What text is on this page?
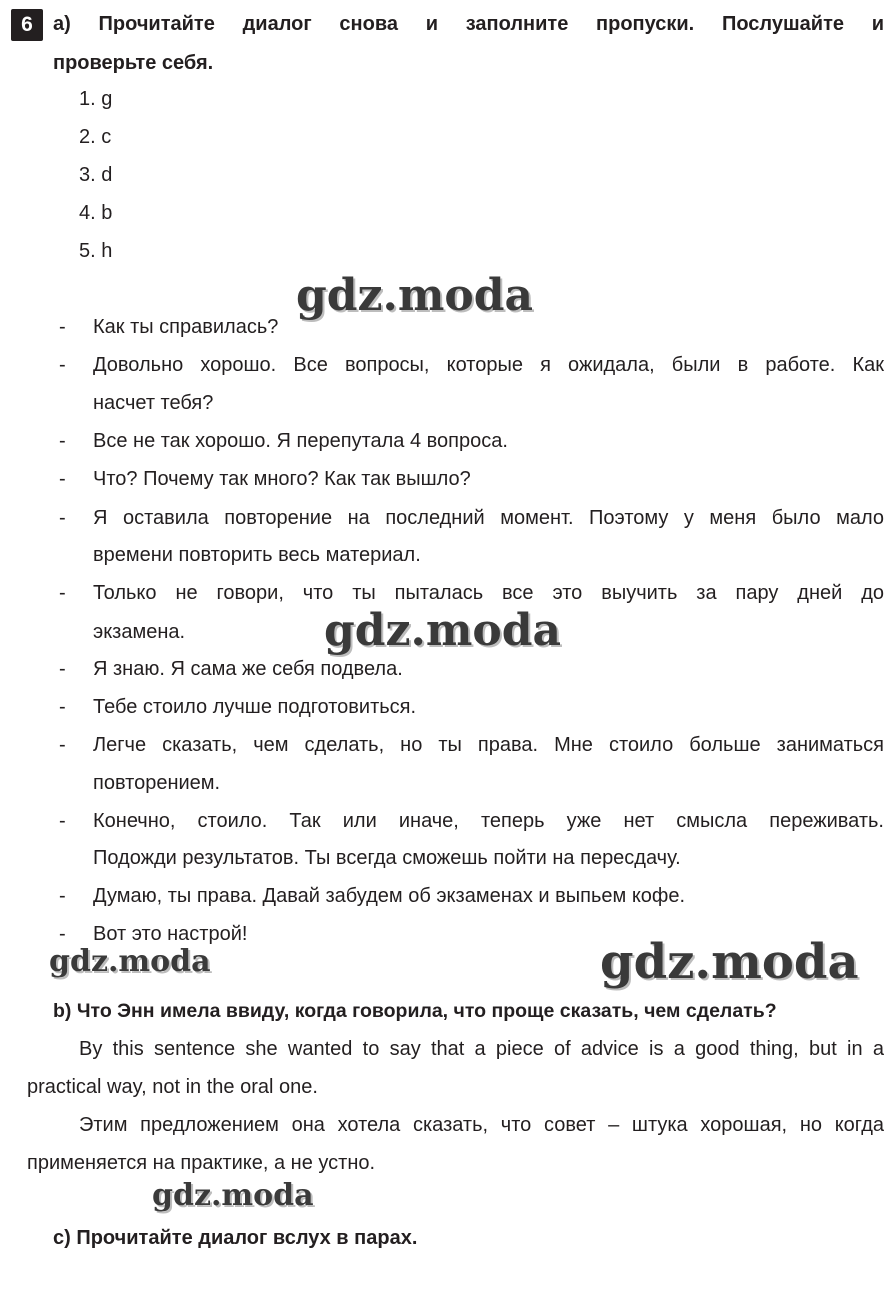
6	a) Прочитайте диалог снова и заполните пропуски. Послушайте и
проверьте себя.
1. g
2. c
3. d
4. b
5. h
- Как ты справилась?
- Довольно хорошо. Все вопросы, которые я ожидала, были в работе. Как
насчет тебя?
- Все не так хорошо. Я перепутала 4 вопроса.
- Что? Почему так много? Как так вышло?
- Я оставила повторение на последний момент. Поэтому у меня было мало
времени повторить весь материал.
- Только не говори, что ты пыталась все это выучить за пару дней до
экзамена.
- Я знаю. Я сама же себя подвела.
- Тебе стоило лучше подготовиться.
- Легче сказать, чем сделать, но ты права. Мне стоило больше заниматься
повторением.
- Конечно, стоило. Так или иначе, теперь уже нет смысла переживать.
Подожди результатов. Ты всегда сможешь пойти на пересдачу.
- Думаю, ты права. Давай забудем об экзаменах и выпьем кофе.
- Вот это настрой!
b) Что Энн имела ввиду, когда говорила, что проще сказать, чем сделать?
By this sentence she wanted to say that a piece of advice is a good thing, but in a
practical way, not in the oral one.
Этим предложением она хотела сказать, что совет – штука хорошая, но когда
применяется на практике, а не устно.
c) Прочитайте диалог вслух в парах.
gdz.moda
gdz.moda
gdz.moda	gdz.moda
gdz.moda
